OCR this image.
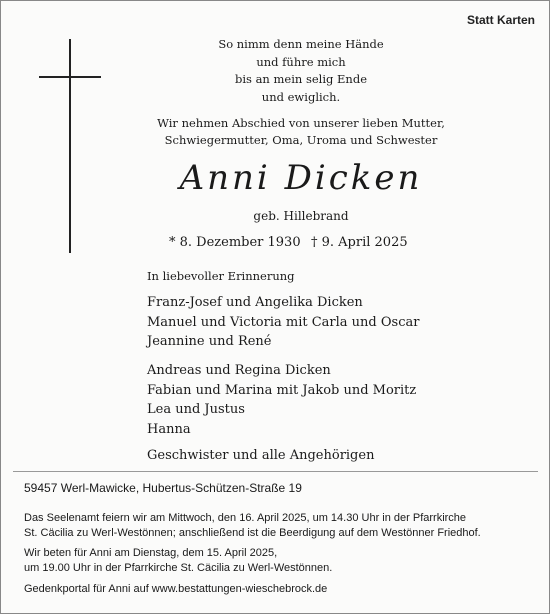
Statt Karten
So nimm denn meine Hände
und führe mich
bis an mein selig Ende
und ewiglich.
Wir nehmen Abschied von unserer lieben Mutter,
Schwiegermutter, Oma, Uroma und Schwester
Anni Dicken
geb. Hillebrand
* 8. Dezember 1930 † 9. April 2025
In liebevoller Erinnerung
Franz-Josef und Angelika Dicken
Manuel und Victoria mit Carla und Oscar
Jeannine und René
Andreas und Regina Dicken
Fabian und Marina mit Jakob und Moritz
Lea und Justus
Hanna
Geschwister und alle Angehörigen
59457 Werl-Mawicke, Hubertus-Schützen-Straße 19
Das Seelenamt feiern wir am Mittwoch, den 16. April 2025, um 14.30 Uhr in der Pfarrkirche
St. Cäcilia zu Werl-Westönnen; anschließend ist die Beerdigung auf dem Westönner Friedhof.
Wir beten für Anni am Dienstag, dem 15. April 2025,
um 19.00 Uhr in der Pfarrkirche St. Cäcilia zu Werl-Westönnen.
Gedenkportal für Anni auf www.bestattungen-wieschebrock.de
